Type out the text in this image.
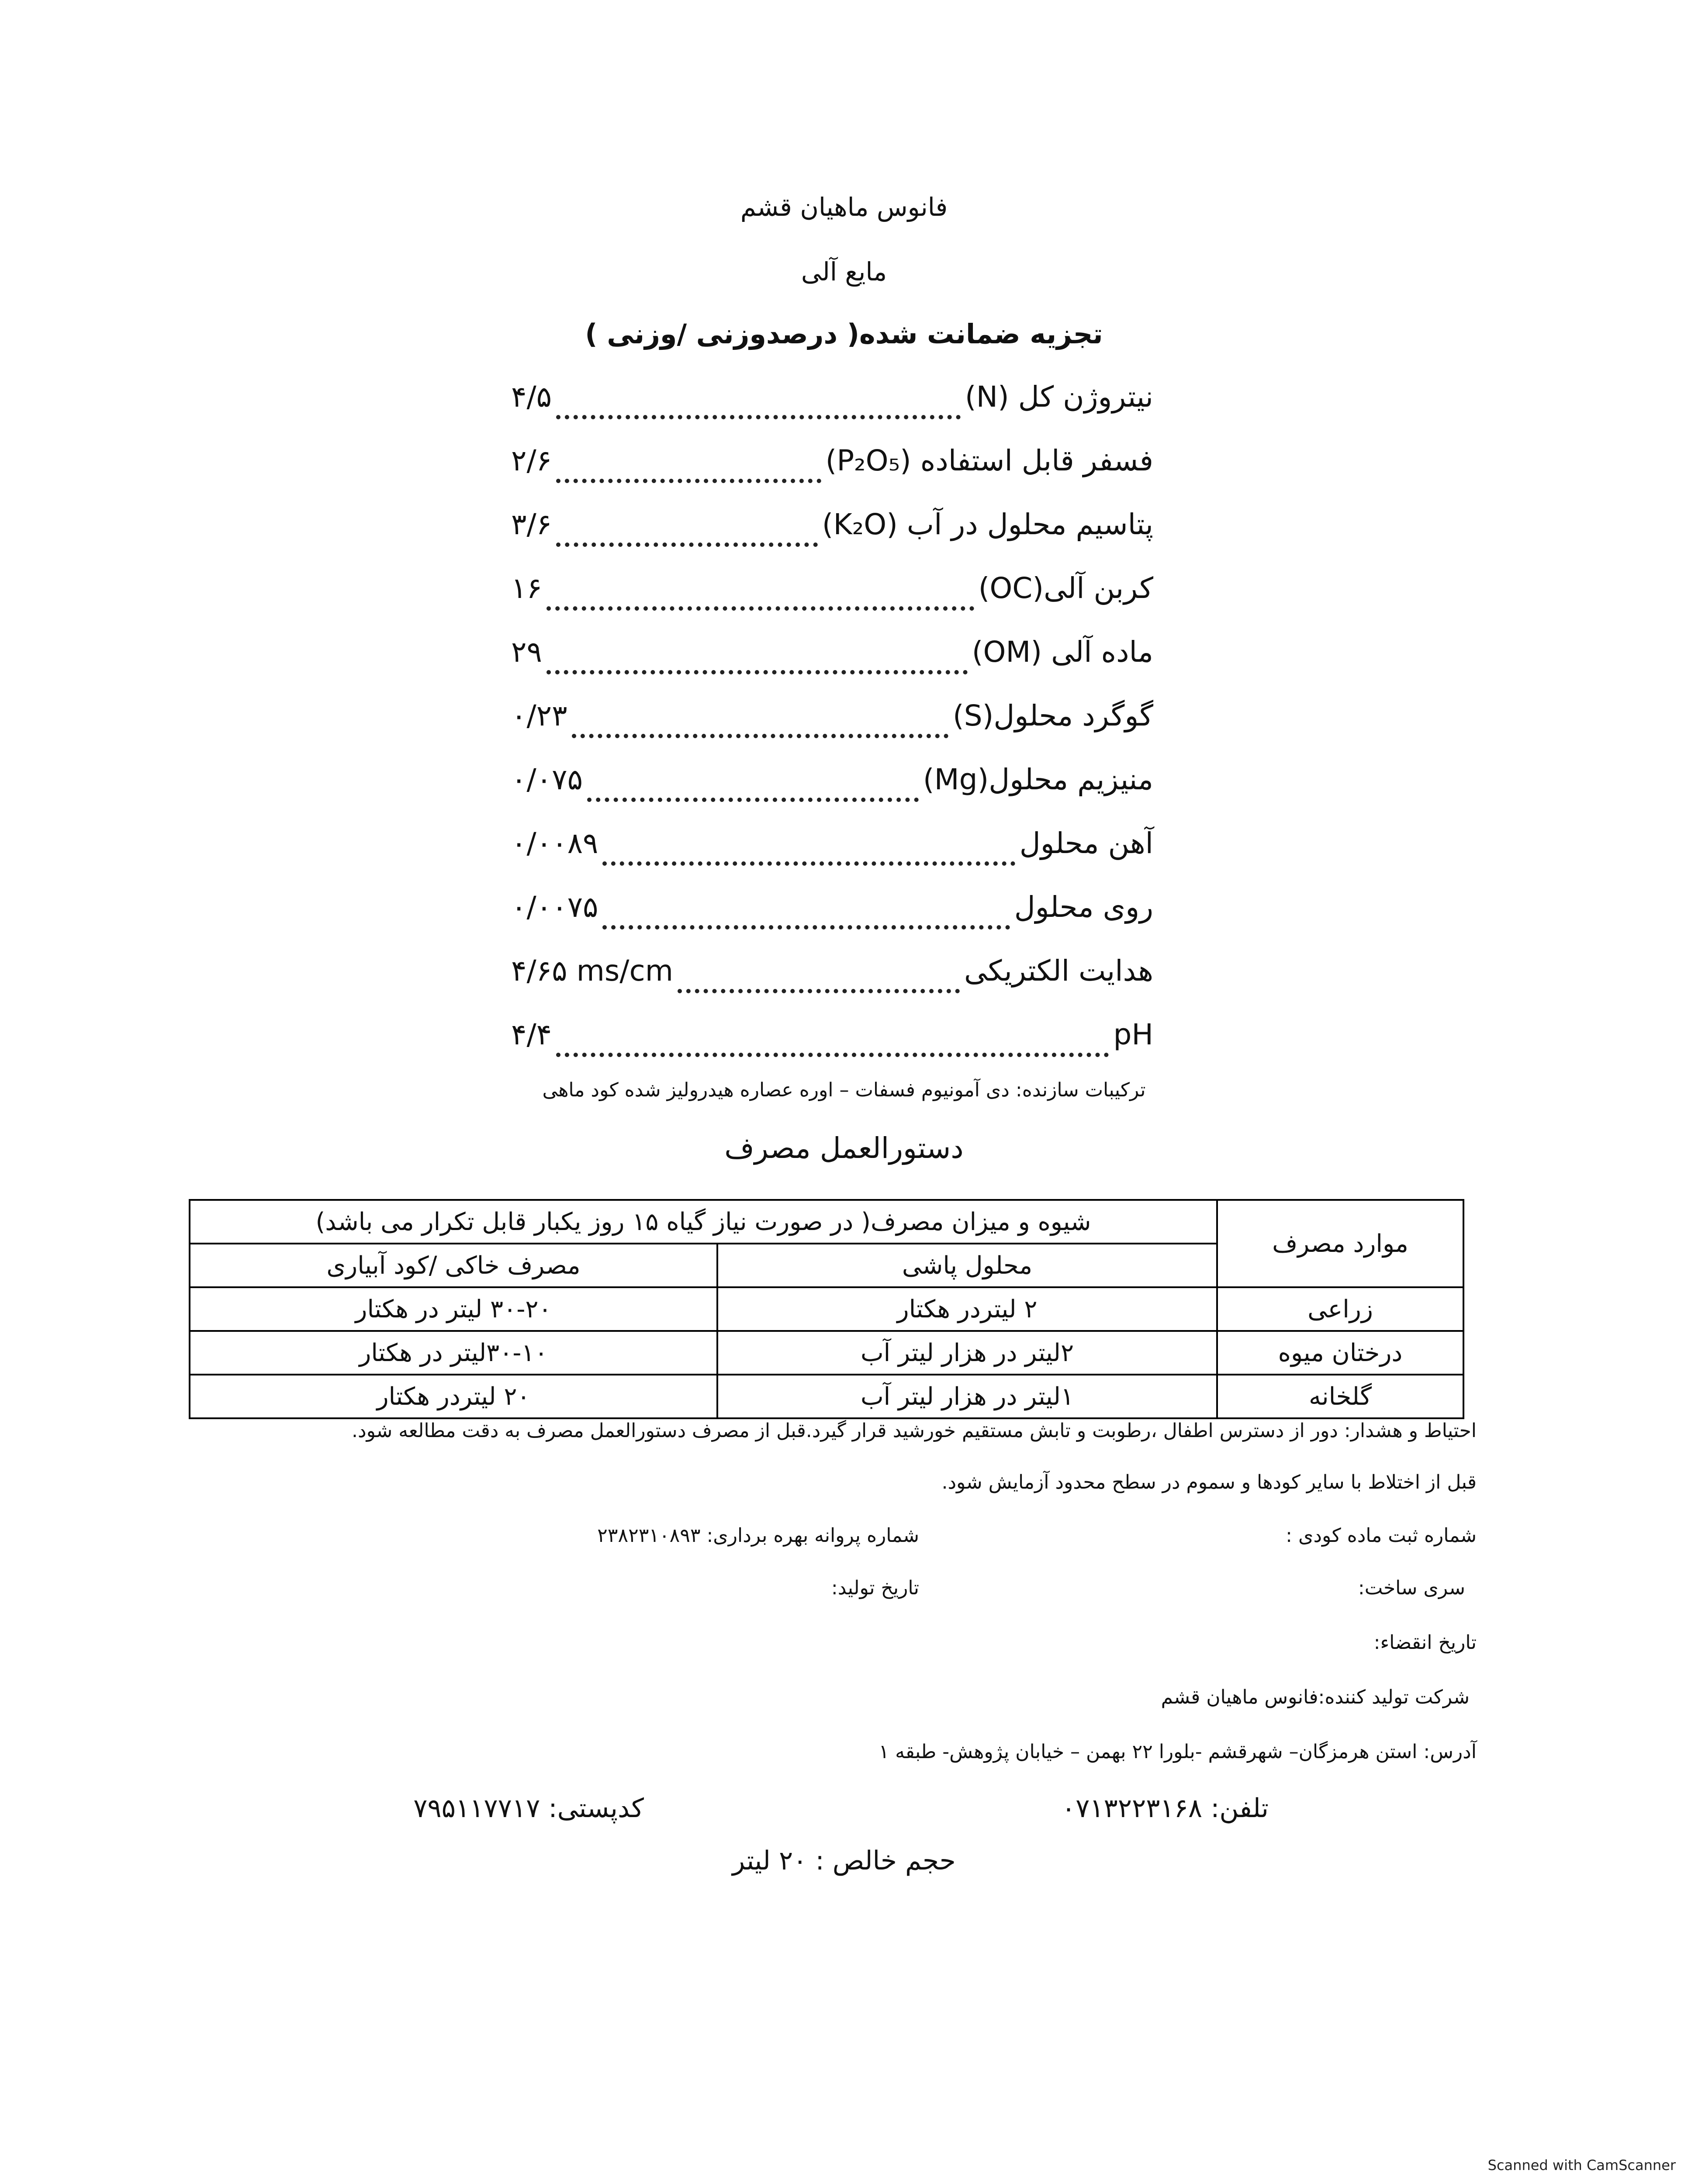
فانوس ماهیان قشم
مایع آلی
تجزیه ضمانت شده( درصدوزنی /وزنی )
نیتروژن کل (N)
۴/۵
فسفر قابل استفاده (P₂O₅)
۲/۶
پتاسیم محلول در آب (K₂O)
۳/۶
کربن آلی(OC)
۱۶
ماده آلی (OM)
۲۹
گوگرد محلول(S)
۰/۲۳
منیزیم محلول(Mg)
۰/۰۷۵
آهن محلول
۰/۰۰۸۹
روی محلول
۰/۰۰۷۵
هدایت الکتریکی
۴/۶۵ ms/cm
pH
۴/۴
ترکیبات سازنده: دی آمونیوم فسفات – اوره عصاره هیدرولیز شده کود ماهی
دستورالعمل مصرف
موارد مصرف	شیوه و میزان مصرف( در صورت نیاز گیاه ۱۵ روز یکبار قابل تکرار می باشد)	
	محلول پاشی	مصرف خاکی /کود آبیاری
زراعی	۲ لیتردر هکتار	۳۰-۲۰ لیتر در هکتار
درختان میوه	۲لیتر در هزار لیتر آب	۳۰-۱۰لیتر در هکتار
گلخانه	۱لیتر در هزار لیتر آب	۲۰ لیتردر هکتار
احتیاط و هشدار: دور از دسترس اطفال ،رطوبت و تابش مستقیم خورشید قرار گیرد.قبل از مصرف دستورالعمل مصرف به دقت مطالعه شود.
قبل از اختلاط با سایر کودها و سموم در سطح محدود آزمایش شود.
شماره ثبت ماده کودی :
شماره پروانه بهره برداری: ۲۳۸۲۳۱۰۸۹۳
سری ساخت:
تاریخ تولید:
تاریخ انقضاء:
شرکت تولید کننده:فانوس ماهیان قشم
آدرس: استن هرمزگان– شهرقشم -بلورا ۲۲ بهمن – خیابان پژوهش- طبقه ۱
تلفن: ۰۷۱۳۲۲۳۱۶۸
کدپستی: ۷۹۵۱۱۷۷۱۷
حجم خالص : ۲۰ لیتر
Scanned with CamScanner
